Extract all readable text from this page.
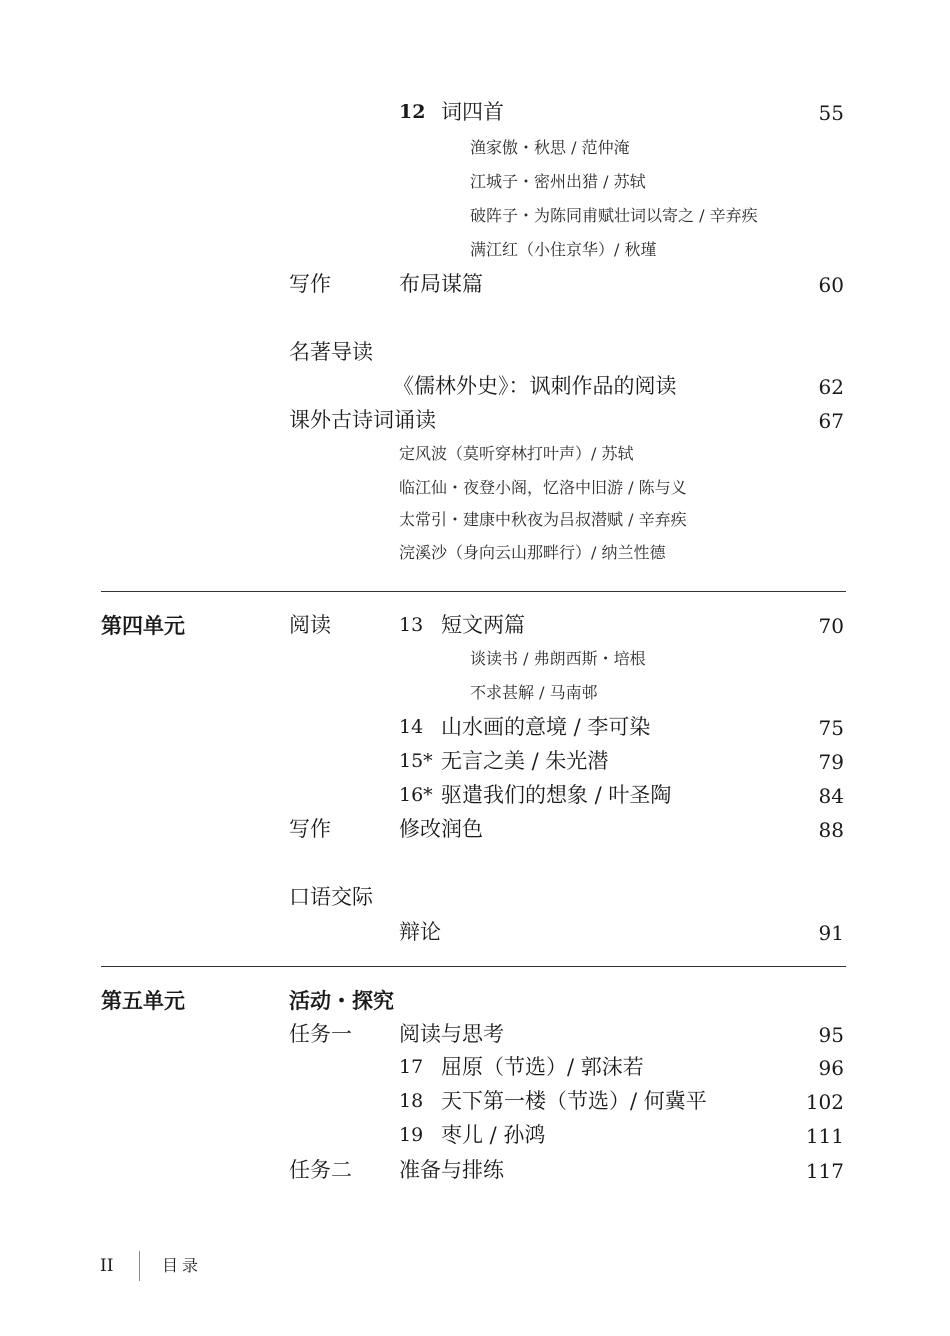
12 词四首	55
渔家傲・秋思 / 范仲淹
江城子・密州出猎 / 苏轼
破阵子・为陈同甫赋壮词以寄之 / 辛弃疾
满江红（小住京华）/ 秋瑾
写作	布局谋篇	60
名著导读
《儒林外史》：讽刺作品的阅读	62
课外古诗词诵读	67
定风波（莫听穿林打叶声）/ 苏轼
临江仙・夜登小阁，忆洛中旧游 / 陈与义
太常引・建康中秋夜为吕叔潜赋 / 辛弃疾
浣溪沙（身向云山那畔行）/ 纳兰性德
第四单元	阅读	13 短文两篇	70
谈读书 / 弗朗西斯・培根
不求甚解 / 马南邨
14 山水画的意境 / 李可染	75
15* 无言之美 / 朱光潜	79
16* 驱遣我们的想象 / 叶圣陶	84
写作	修改润色	88
口语交际
辩论	91
第五单元	活动・探究
任务一 阅读与思考	95
17 屈原（节选）/ 郭沫若	96
18 天下第一楼（节选）/ 何冀平	102
19 枣儿 / 孙鸿	111
任务二 准备与排练	117
II	目录
